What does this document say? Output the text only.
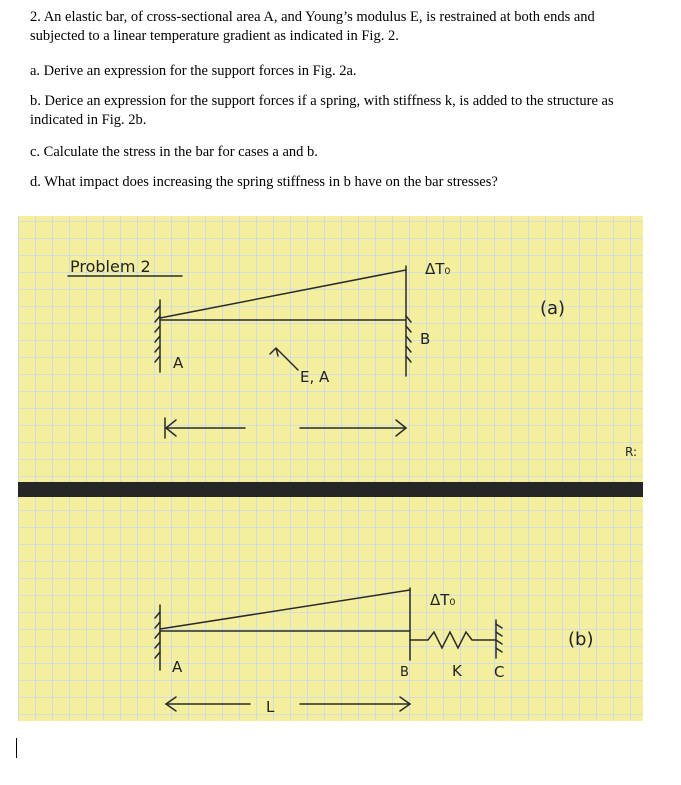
2. An elastic bar, of cross-sectional area A, and Young’s modulus E, is restrained at both ends and subjected to a linear temperature gradient as indicated in Fig. 2.
a. Derive an expression for the support forces in Fig. 2a.
b. Derice an expression for the support forces if a spring, with stiffness k, is added to the structure as indicated in Fig. 2b.
c. Calculate the stress in the bar for cases a and b.
d. What impact does increasing the spring stiffness in b have on the bar stresses?
Problem 2	ΔT₀
A
B
E, A
(a)
R:
ΔT₀
A	B	K C
L
(b)
